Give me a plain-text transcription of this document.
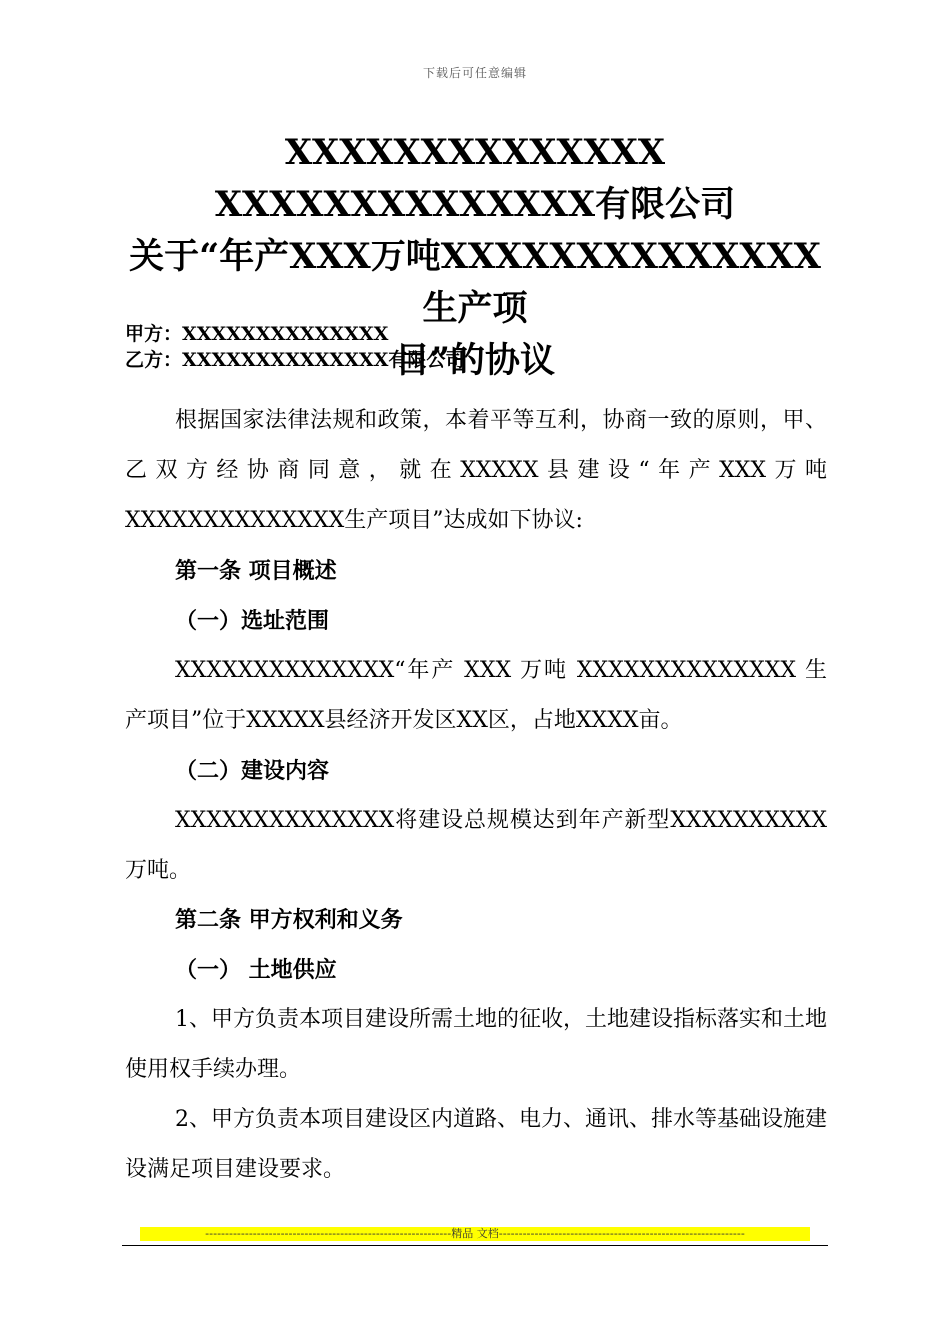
下载后可任意编辑
XXXXXXXXXXXXXX
XXXXXXXXXXXXXX有限公司
关于“年产XXX万吨XXXXXXXXXXXXXX生产项
目”的协议
甲方：XXXXXXXXXXXXXX
乙方：XXXXXXXXXXXXXX有限公司
根据国家法律法规和政策，本着平等互利，协商一致的原则，甲、乙双方经协商同意，就在XXXXX县建设“年产XXX万吨XXXXXXXXXXXXXX生产项目”达成如下协议:
第一条 项目概述
（一）选址范围
XXXXXXXXXXXXXX“年产 XXX 万吨 XXXXXXXXXXXXXX 生产项目”位于XXXXX县经济开发区XX区，占地XXXX亩。
（二）建设内容
XXXXXXXXXXXXXX将建设总规模达到年产新型XXXXXXXXXX万吨。
第二条 甲方权利和义务
（一） 土地供应
1、甲方负责本项目建设所需土地的征收，土地建设指标落实和土地使用权手续办理。
2、甲方负责本项目建设区内道路、电力、通讯、排水等基础设施建设满足项目建设要求。
--------------------------------------------------------------精品 文档--------------------------------------------------------------
